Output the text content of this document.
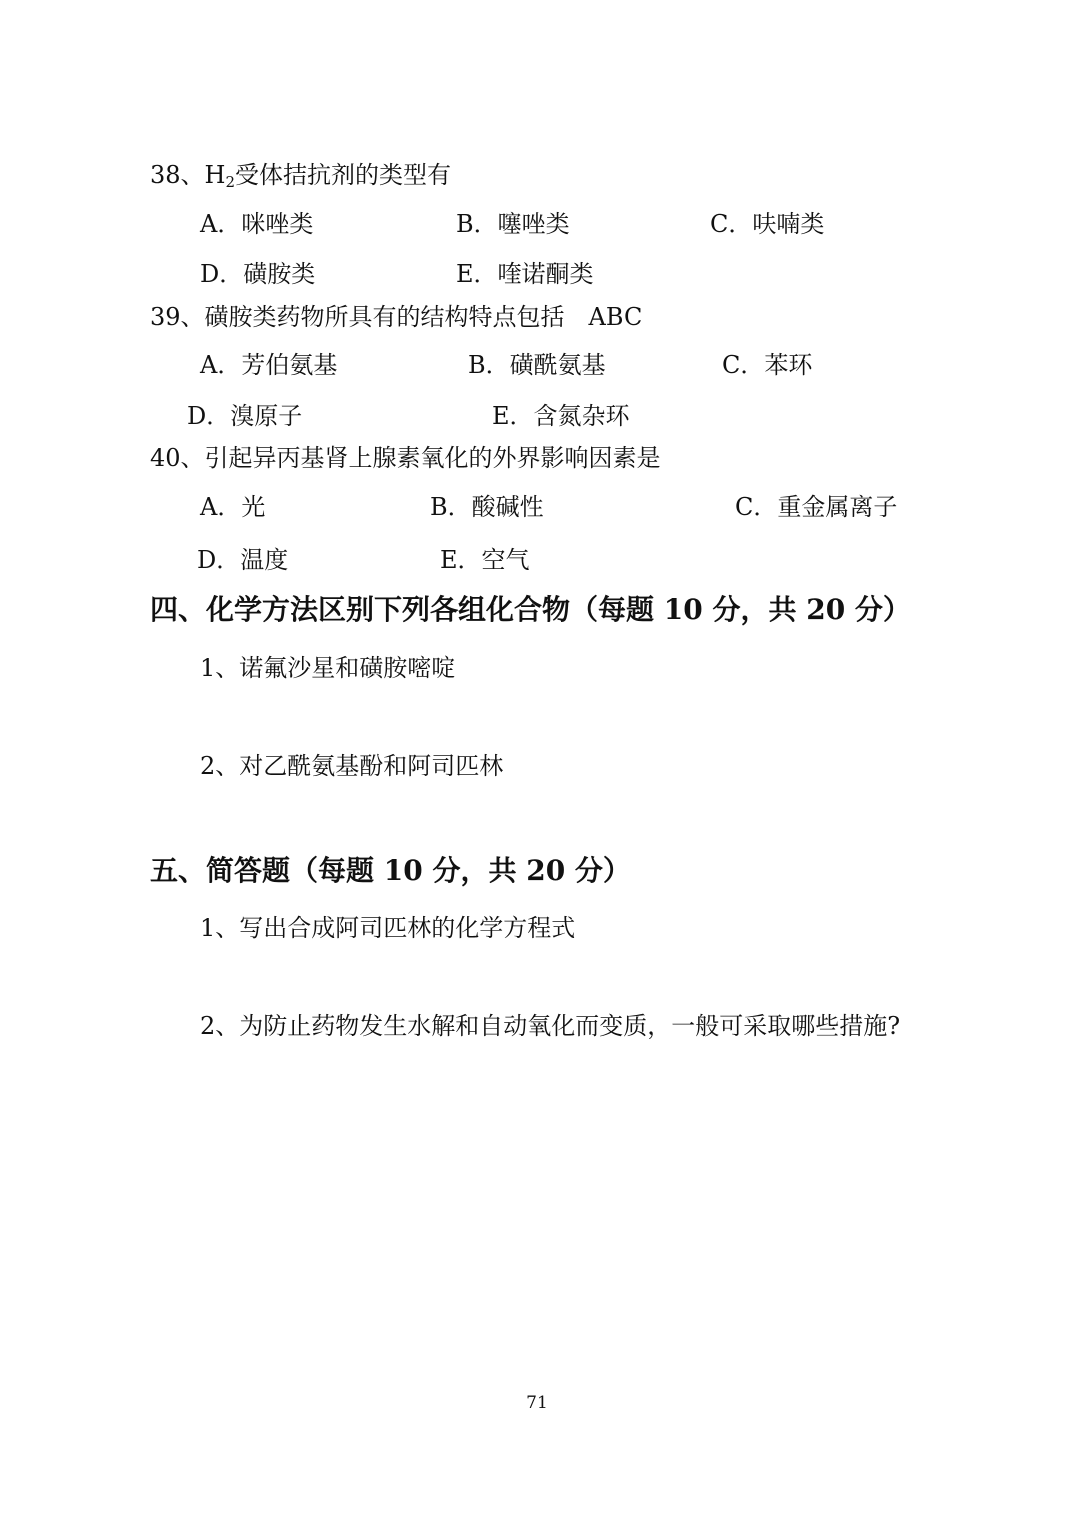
38、$H_2$受体拮抗剂的类型有
A．咪唑类	B．噻唑类	C．呋喃类
D．磺胺类	E．喹诺酮类
39、磺胺类药物所具有的结构特点包括　ABC
A．芳伯氨基	B．磺酰氨基	C．苯环
D．溴原子	E．含氮杂环
40、引起异丙基肾上腺素氧化的外界影响因素是
A．光	B．酸碱性	C．重金属离子
D．温度	E．空气
四、化学方法区别下列各组化合物（每题 10 分，共 20 分）
1、诺氟沙星和磺胺嘧啶
2、对乙酰氨基酚和阿司匹林
五、简答题（每题 10 分，共 20 分）
1、写出合成阿司匹林的化学方程式
2、为防止药物发生水解和自动氧化而变质，一般可采取哪些措施?
71
